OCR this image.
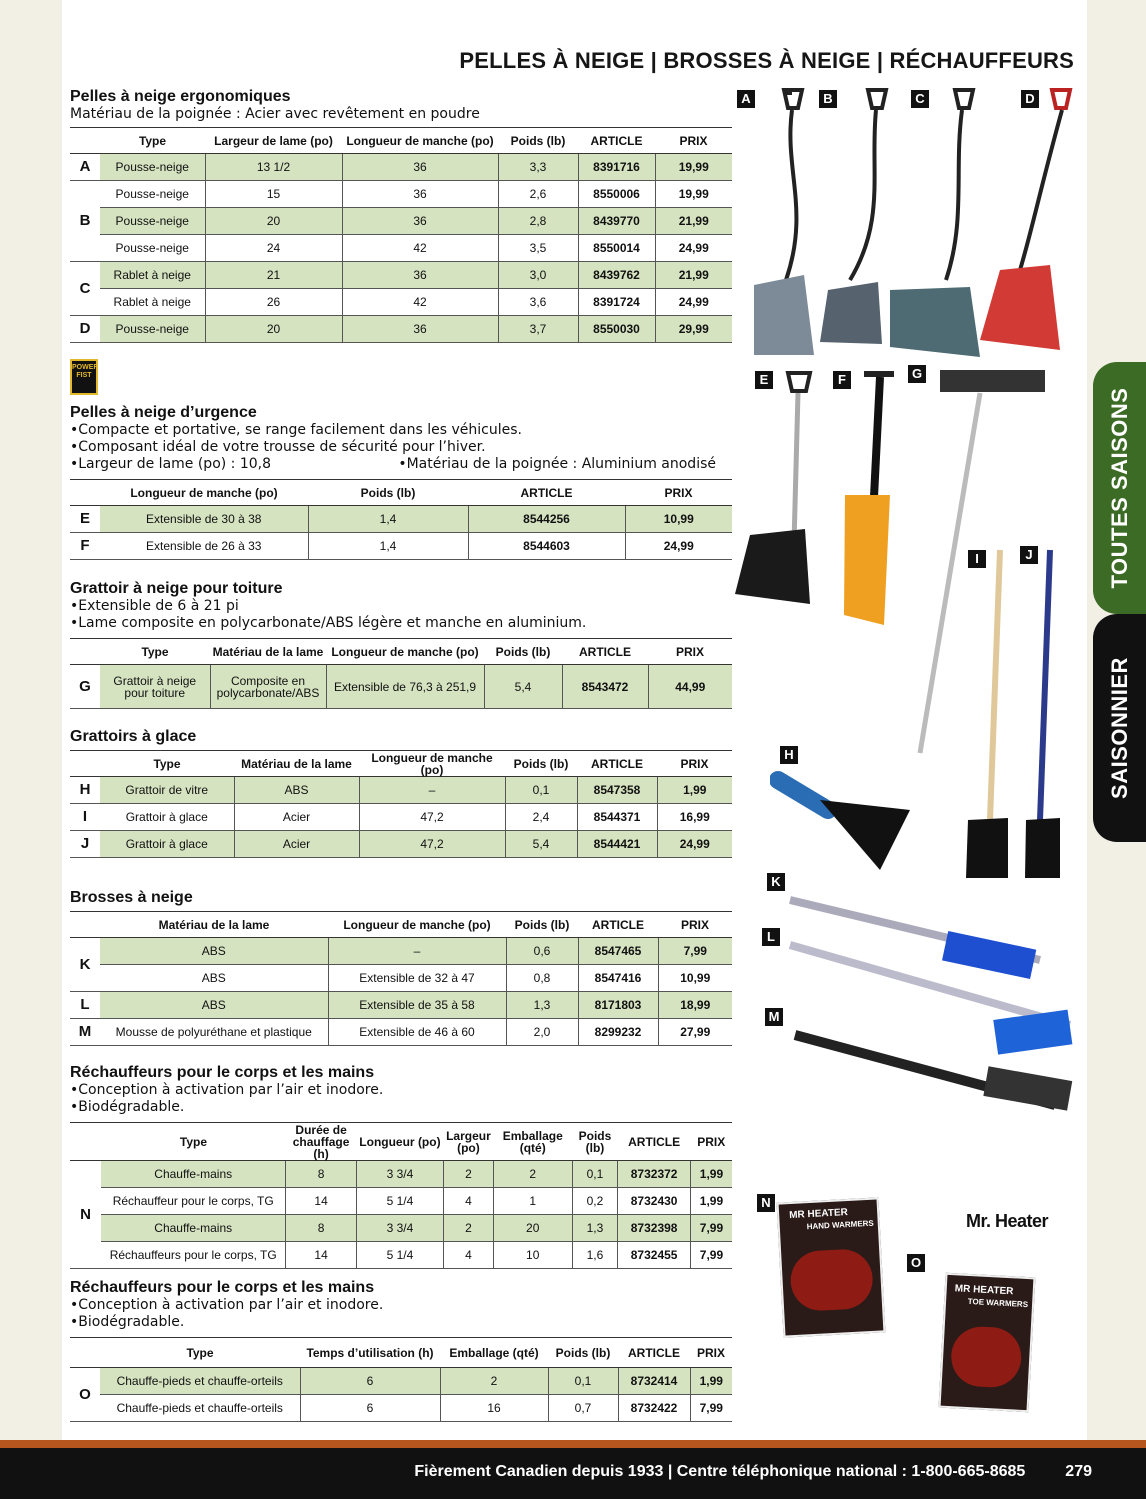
PELLES À NEIGE | BROSSES À NEIGE | RÉCHAUFFEURS
Pelles à neige ergonomiques

Matériau de la poignée : Acier avec revêtement en poudre

	Type	Largeur de lame (po)	Longueur de manche (po)	Poids (lb)	ARTICLE	PRIX
A	Pousse-neige	13 1/2	36	3,3	8391716	19,99
B	Pousse-neige	15	36	2,6	8550006	19,99
	Pousse-neige	20	36	2,8	8439770	21,99
	Pousse-neige	24	42	3,5	8550014	24,99
C	Rablet à neige	21	36	3,0	8439762	21,99
	Rablet à neige	26	42	3,6	8391724	24,99
D	Pousse-neige	20	36	3,7	8550030	29,99
POWER FIST
Pelles à neige d’urgence

•Compacte et portative, se range facilement dans les véhicules.

•Composant idéal de votre trousse de sécurité pour l’hiver.

•Largeur de lame (po) : 10,8	•Matériau de la poignée : Aluminium anodisé

	Longueur de manche (po)	Poids (lb)	ARTICLE	PRIX
E	Extensible de 30 à 38	1,4	8544256	10,99
F	Extensible de 26 à 33	1,4	8544603	24,99
Grattoir à neige pour toiture

•Extensible de 6 à 21 pi

•Lame composite en polycarbonate/ABS légère et manche en aluminium.

	Type	Matériau de la lame	Longueur de manche (po)	Poids (lb)	ARTICLE	PRIX
G	Grattoir à neige pour toiture	Composite en polycarbonate/ABS	Extensible de 76,3 à 251,9	5,4	8543472	44,99
Grattoirs à glace
	Type	Matériau de la lame	Longueur de manche (po)	Poids (lb)	ARTICLE	PRIX
H	Grattoir de vitre	ABS	–	0,1	8547358	1,99
I	Grattoir à glace	Acier	47,2	2,4	8544371	16,99
J	Grattoir à glace	Acier	47,2	5,4	8544421	24,99
Brosses à neige
	Matériau de la lame	Longueur de manche (po)	Poids (lb)	ARTICLE	PRIX
K	ABS	–	0,6	8547465	7,99
	ABS	Extensible de 32 à 47	0,8	8547416	10,99
L	ABS	Extensible de 35 à 58	1,3	8171803	18,99
M	Mousse de polyuréthane et plastique	Extensible de 46 à 60	2,0	8299232	27,99
Réchauffeurs pour le corps et les mains

•Conception à activation par l’air et inodore.

•Biodégradable.

	Type	Durée de chauffage (h)	Longueur (po)	Largeur (po)	Emballage (qté)	Poids (lb)	ARTICLE	PRIX
N	Chauffe-mains	8	3 3/4	2	2	0,1	8732372	1,99
	Réchauffeur pour le corps, TG	14	5 1/4	4	1	0,2	8732430	1,99
	Chauffe-mains	8	3 3/4	2	20	1,3	8732398	7,99
	Réchauffeurs pour le corps, TG	14	5 1/4	4	10	1,6	8732455	7,99
Réchauffeurs pour le corps et les mains

•Conception à activation par l’air et inodore.

•Biodégradable.

	Type	Temps d’utilisation (h)	Emballage (qté)	Poids (lb)	ARTICLE	PRIX
O	Chauffe-pieds et chauffe-orteils	6	2	0,1	8732414	1,99
	Chauffe-pieds et chauffe-orteils	6	16	0,7	8732422	7,99
A	B	C	D
E	F	G
I	J
H
K
L
M
N
O
MR HEATER
HAND WARMERS
MR HEATER
TOE WARMERS
Mr. Heater
TOUTES SAISONS
SAISONNIER
Fièrement Canadien depuis 1933 | Centre téléphonique national : 1-800-665-8685	279
